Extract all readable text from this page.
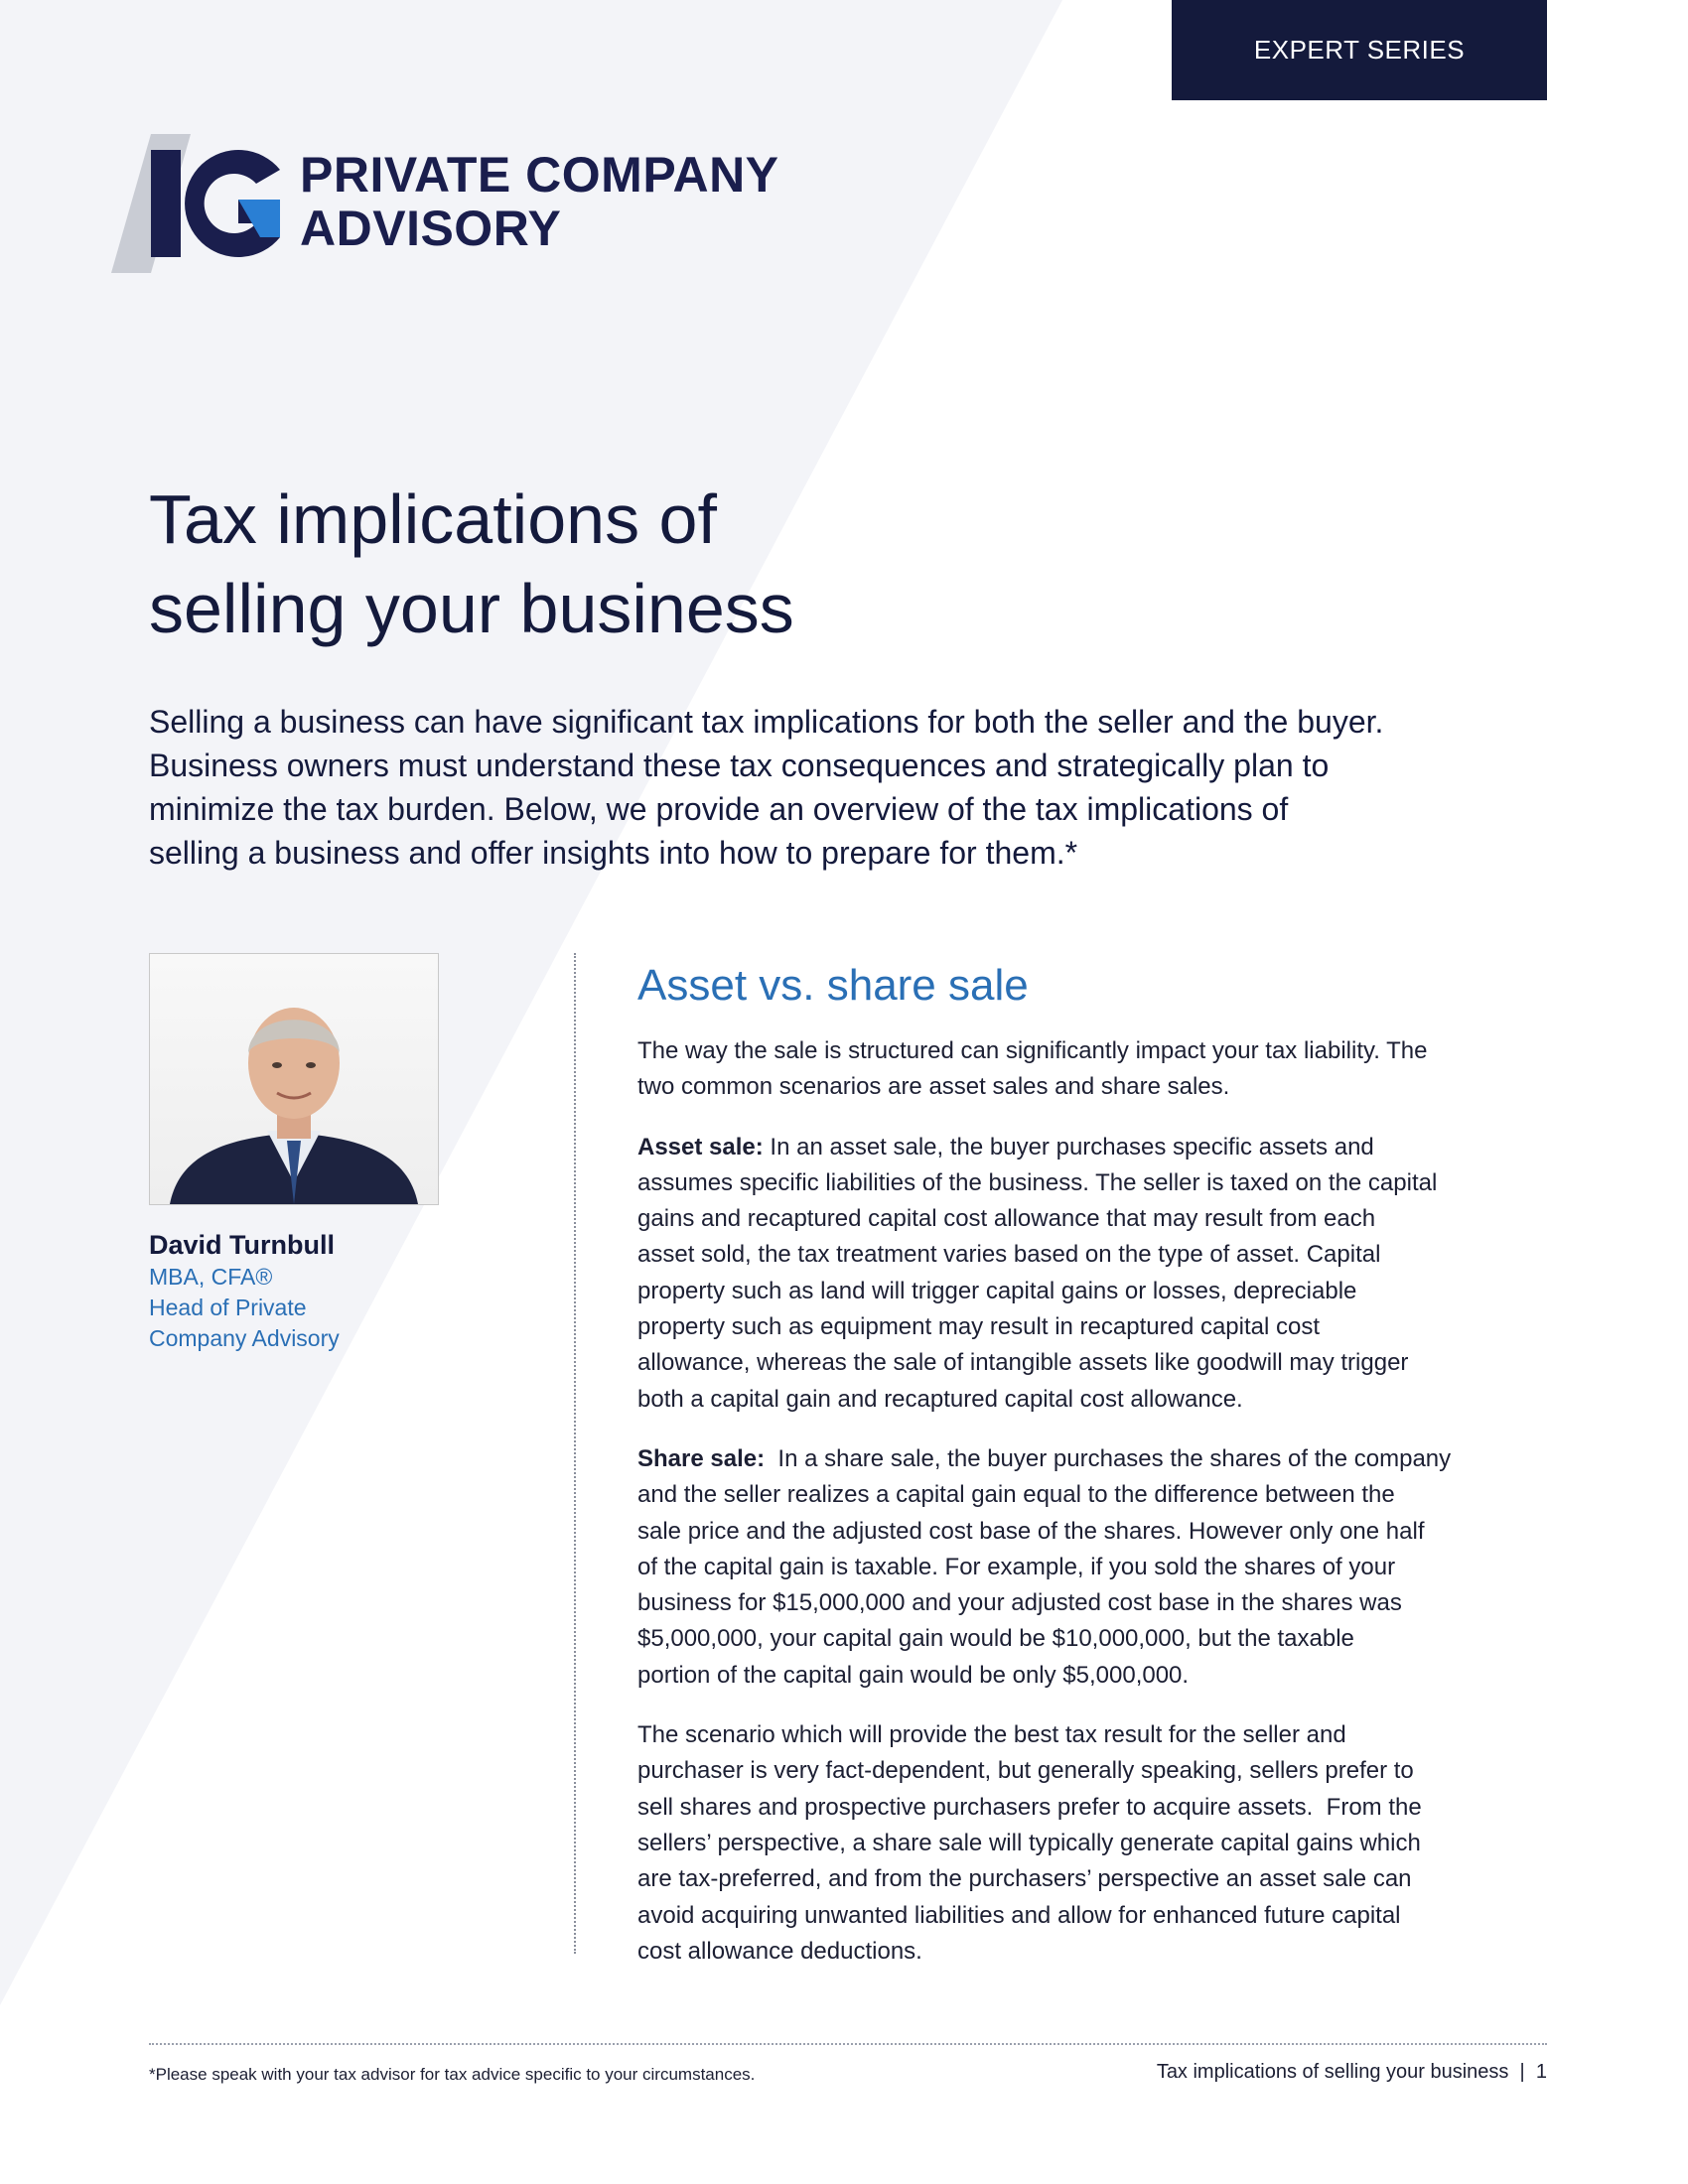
EXPERT SERIES
PRIVATE COMPANY
ADVISORY
Tax implications of
selling your business

Selling a business can have significant tax implications for both the seller and the buyer.
Business owners must understand these tax consequences and strategically plan to
minimize the tax burden. Below, we provide an overview of the tax implications of
selling a business and offer insights into how to prepare for them.*

David Turnbull
MBA, CFA®
Head of Private
Company Advisory
Asset vs. share sale

The way the sale is structured can significantly impact your tax liability. The
two common scenarios are asset sales and share sales.

Asset sale: In an asset sale, the buyer purchases specific assets and
assumes specific liabilities of the business. The seller is taxed on the capital
gains and recaptured capital cost allowance that may result from each
asset sold, the tax treatment varies based on the type of asset. Capital
property such as land will trigger capital gains or losses, depreciable
property such as equipment may result in recaptured capital cost
allowance, whereas the sale of intangible assets like goodwill may trigger
both a capital gain and recaptured capital cost allowance.

Share sale:  In a share sale, the buyer purchases the shares of the company
and the seller realizes a capital gain equal to the difference between the
sale price and the adjusted cost base of the shares. However only one half
of the capital gain is taxable. For example, if you sold the shares of your
business for $15,000,000 and your adjusted cost base in the shares was
$5,000,000, your capital gain would be $10,000,000, but the taxable
portion of the capital gain would be only $5,000,000.

The scenario which will provide the best tax result for the seller and
purchaser is very fact-dependent, but generally speaking, sellers prefer to
sell shares and prospective purchasers prefer to acquire assets.  From the
sellers’ perspective, a share sale will typically generate capital gains which
are tax-preferred, and from the purchasers’ perspective an asset sale can
avoid acquiring unwanted liabilities and allow for enhanced future capital
cost allowance deductions.

*Please speak with your tax advisor for tax advice specific to your circumstances.	Tax implications of selling your business | 1
